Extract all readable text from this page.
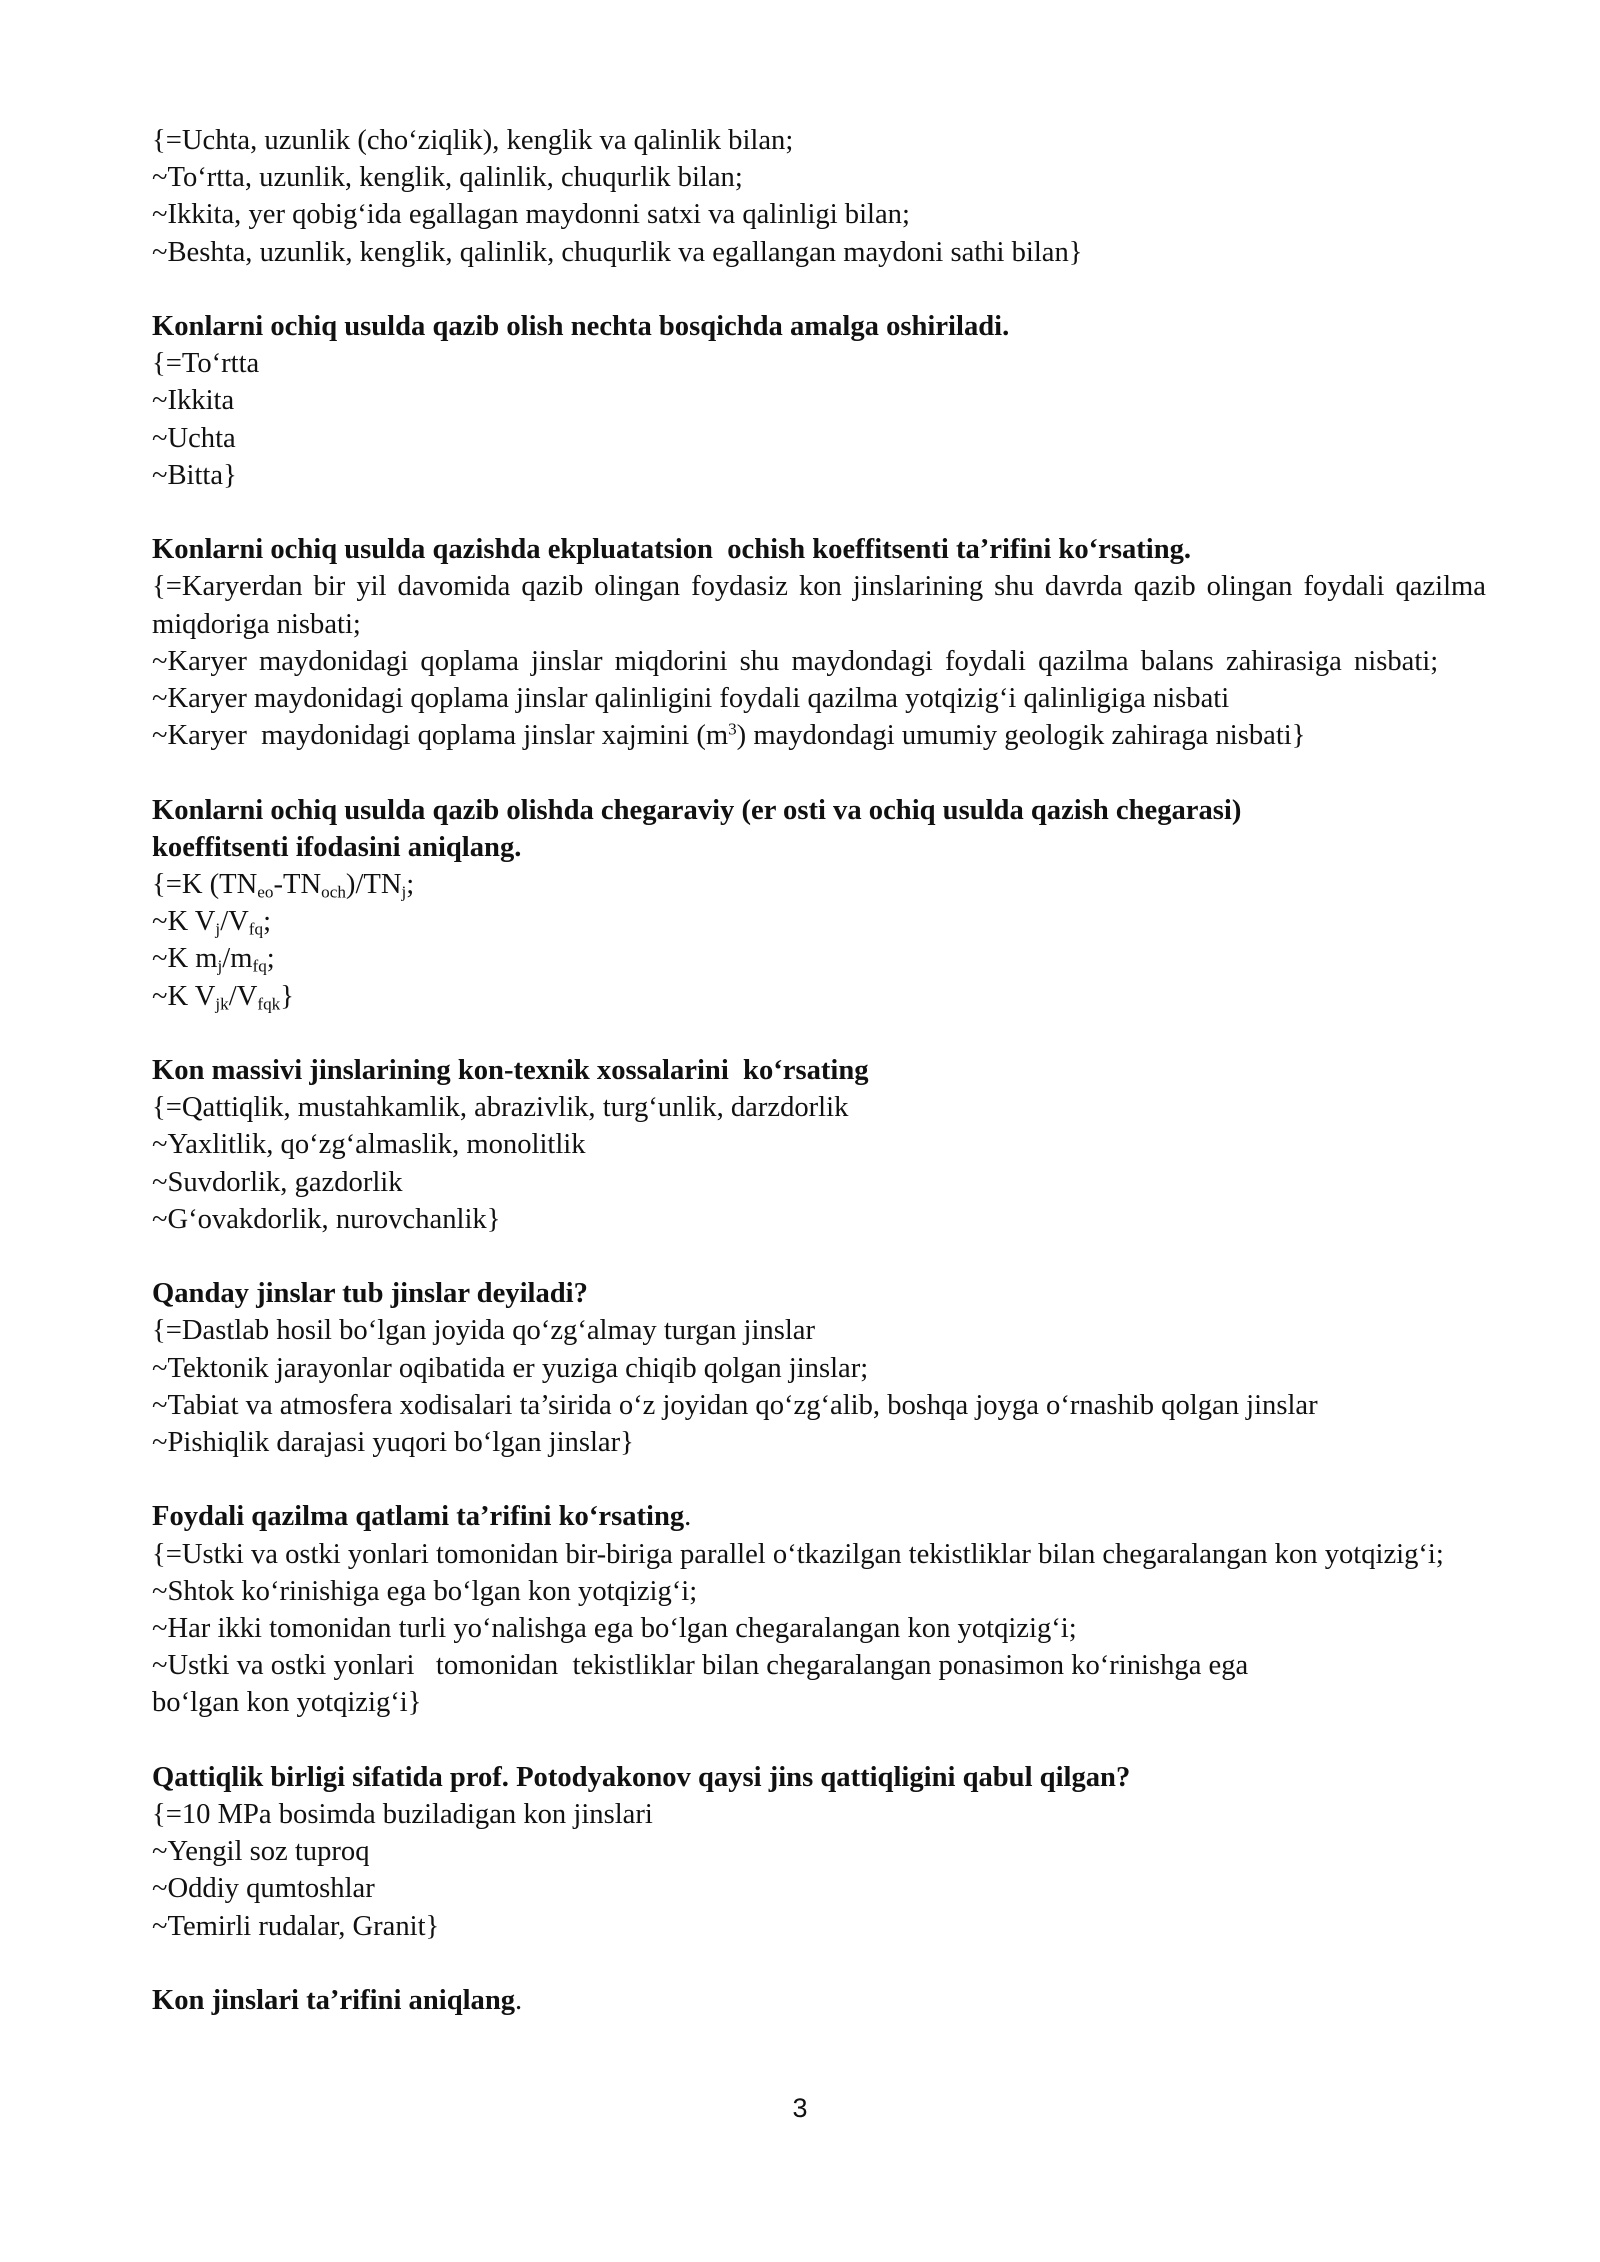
{=Uchta, uzunlik (cho‘ziqlik), kenglik va qalinlik bilan;
~To‘rtta, uzunlik, kenglik, qalinlik, chuqurlik bilan;
~Ikkita, yer qobig‘ida egallagan maydonni satxi va qalinligi bilan;
~Beshta, uzunlik, kenglik, qalinlik, chuqurlik va egallangan maydoni sathi bilan}
Konlarni ochiq usulda qazib olish nechta bosqichda amalga oshiriladi.
{=To‘rtta
~Ikkita
~Uchta
~Bitta}
Konlarni ochiq usulda qazishda ekpluatatsion  ochish koeffitsenti ta’rifini ko‘rsating.
{=Karyerdan bir yil davomida qazib olingan foydasiz kon jinslarining shu davrda qazib olingan foydali qazilma miqdoriga nisbati;
~Karyer maydonidagi qoplama jinslar miqdorini shu maydondagi foydali qazilma balans zahirasiga nisbati;
~Karyer maydonidagi qoplama jinslar qalinligini foydali qazilma yotqizig‘i qalinligiga nisbati
~Karyer  maydonidagi qoplama jinslar xajmini $(m^3)$ maydondagi umumiy geologik zahiraga nisbati}
Konlarni ochiq usulda qazib olishda chegaraviy (er osti va ochiq usulda qazish chegarasi)
koeffitsenti ifodasini aniqlang.
{=K $(TN_{eo}-TN_{och})/TN_j$;
~K $V_j/V_{fq}$;
~K $m_j/m_{fq}$;
~K $V_{jk}/V_{fqk}$}
Kon massivi jinslarining kon-texnik xossalarini  ko‘rsating
{=Qattiqlik, mustahkamlik, abrazivlik, turg‘unlik, darzdorlik
~Yaxlitlik, qo‘zg‘almaslik, monolitlik
~Suvdorlik, gazdorlik
~G‘ovakdorlik, nurovchanlik}
Qanday jinslar tub jinslar deyiladi?
{=Dastlab hosil bo‘lgan joyida qo‘zg‘almay turgan jinslar
~Tektonik jarayonlar oqibatida er yuziga chiqib qolgan jinslar;
~Tabiat va atmosfera xodisalari ta’sirida o‘z joyidan qo‘zg‘alib, boshqa joyga o‘rnashib qolgan jinslar
~Pishiqlik darajasi yuqori bo‘lgan jinslar}
Foydali qazilma qatlami ta’rifini ko‘rsating.
{=Ustki va ostki yonlari tomonidan bir-biriga parallel o‘tkazilgan tekistliklar bilan chegaralangan kon yotqizig‘i;
~Shtok ko‘rinishiga ega bo‘lgan kon yotqizig‘i;
~Har ikki tomonidan turli yo‘nalishga ega bo‘lgan chegaralangan kon yotqizig‘i;
~Ustki va ostki yonlari   tomonidan  tekistliklar bilan chegaralangan ponasimon ko‘rinishga ega
bo‘lgan kon yotqizig‘i}
Qattiqlik birligi sifatida prof. Potodyakonov qaysi jins qattiqligini qabul qilgan?
{=10 MPa bosimda buziladigan kon jinslari
~Yengil soz tuproq
~Oddiy qumtoshlar
~Temirli rudalar, Granit}
Kon jinslari ta’rifini aniqlang.
3
